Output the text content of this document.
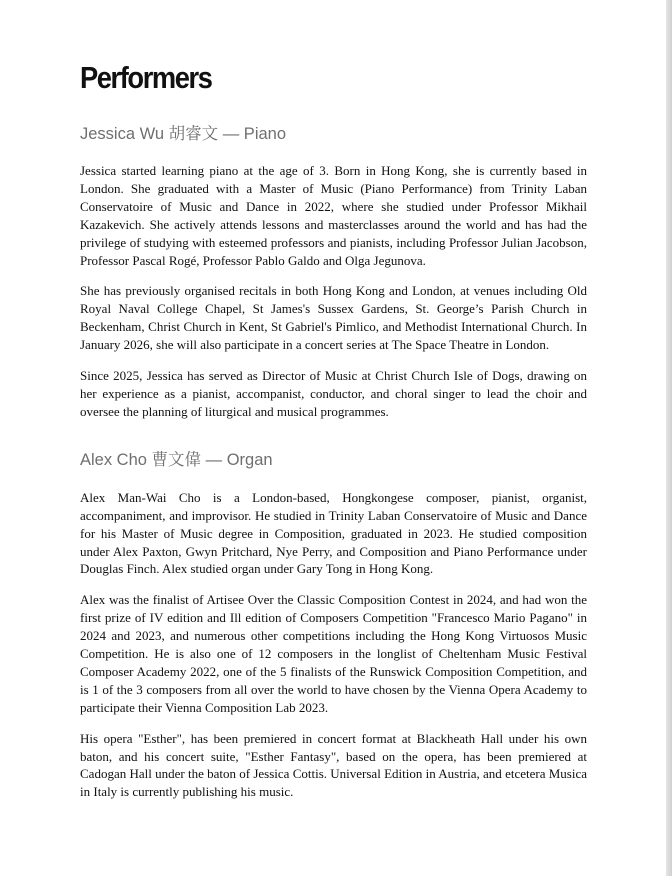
Performers
Jessica Wu 胡睿文 — Piano

Jessica started learning piano at the age of 3. Born in Hong Kong, she is currently based in London. She graduated with a Master of Music (Piano Performance) from Trinity Laban Conservatoire of Music and Dance in 2022, where she studied under Professor Mikhail Kazakevich. She actively attends lessons and masterclasses around the world and has had the privilege of studying with esteemed professors and pianists, including Professor Julian Jacobson, Professor Pascal Rogé, Professor Pablo Galdo and Olga Jegunova.

She has previously organised recitals in both Hong Kong and London, at venues including Old Royal Naval College Chapel, St James's Sussex Gardens, St. George’s Parish Church in Beckenham, Christ Church in Kent, St Gabriel's Pimlico, and Methodist International Church. In January 2026, she will also participate in a concert series at The Space Theatre in London.

Since 2025, Jessica has served as Director of Music at Christ Church Isle of Dogs, drawing on her experience as a pianist, accompanist, conductor, and choral singer to lead the choir and oversee the planning of liturgical and musical programmes.

Alex Cho 曹文偉 — Organ

Alex Man-Wai Cho is a London-based, Hongkongese composer, pianist, organist, accompaniment, and improvisor. He studied in Trinity Laban Conservatoire of Music and Dance for his Master of Music degree in Composition, graduated in 2023. He studied composition under Alex Paxton, Gwyn Pritchard, Nye Perry, and Composition and Piano Performance under Douglas Finch. Alex studied organ under Gary Tong in Hong Kong.

Alex was the finalist of Artisee Over the Classic Composition Contest in 2024, and had won the first prize of IV edition and Ill edition of Composers Competition "Francesco Mario Pagano" in 2024 and 2023, and numerous other competitions including the Hong Kong Virtuosos Music Competition. He is also one of 12 composers in the longlist of Cheltenham Music Festival Composer Academy 2022, one of the 5 finalists of the Runswick Composition Competition, and is 1 of the 3 composers from all over the world to have chosen by the Vienna Opera Academy to participate their Vienna Composition Lab 2023.

His opera "Esther", has been premiered in concert format at Blackheath Hall under his own baton, and his concert suite, "Esther Fantasy", based on the opera, has been premiered at Cadogan Hall under the baton of Jessica Cottis. Universal Edition in Austria, and etcetera Musica in Italy is currently publishing his music.
